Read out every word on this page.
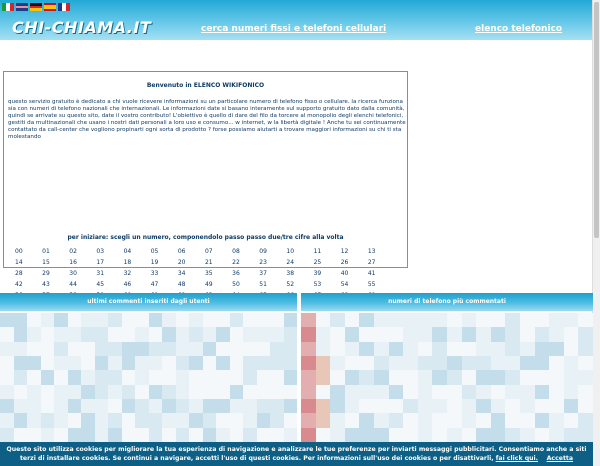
CHI-CHIAMA.IT	cerca numeri fissi e telefoni cellulari	elenco telefonico
Benvenuto in ELENCO WIKIFONICO

questo servizio gratuito è dedicato a chi vuole ricevere informazioni su un particolare numero di telefono fisso o cellulare. la ricerca funziona sia con numeri di telefono nazionali che internazionali. Le informazioni date si basano interamente sul supporto gratuito dato dalla comunità, quindi se arrivate su questo sito, date il vostro contributo! L'obiettivo è quello di dare del filo da torcere al monopolio degli elenchi telefonici, gestiti da multinazionali che usano i nostri dati personali a loro uso e consumo... w internet, w la libertà digitale ! Anche tu sei continuamente contattato da call-center che vogliono propinarti ogni sorta di prodotto ? forse possiamo aiutarti a trovare maggiori informazioni su chi ti sta molestando

per iniziare: scegli un numero, componendolo passo passo due/tre cifre alla volta
00	01	02	03	04	05	06	07	08	09	10	11	12	13
14	15	16	17	18	19	20	21	22	23	24	25	26	27
28	29	30	31	32	33	34	35	36	37	38	39	40	41
42	43	44	45	46	47	48	49	50	51	52	53	54	55
ultimi commenti inseriti dagli utenti	numeri di telefono più commentati

Questo sito utilizza cookies per migliorare la tua esperienza di navigazione e analizzare le tue preferenze per inviarti messaggi pubblicitari. Consentiamo anche a siti terzi di installare cookies. Se continui a navigare, accetti l'uso di questi cookies. Per informazioni sull'uso dei cookies o per disattivarli, fai click qui. Accetta
